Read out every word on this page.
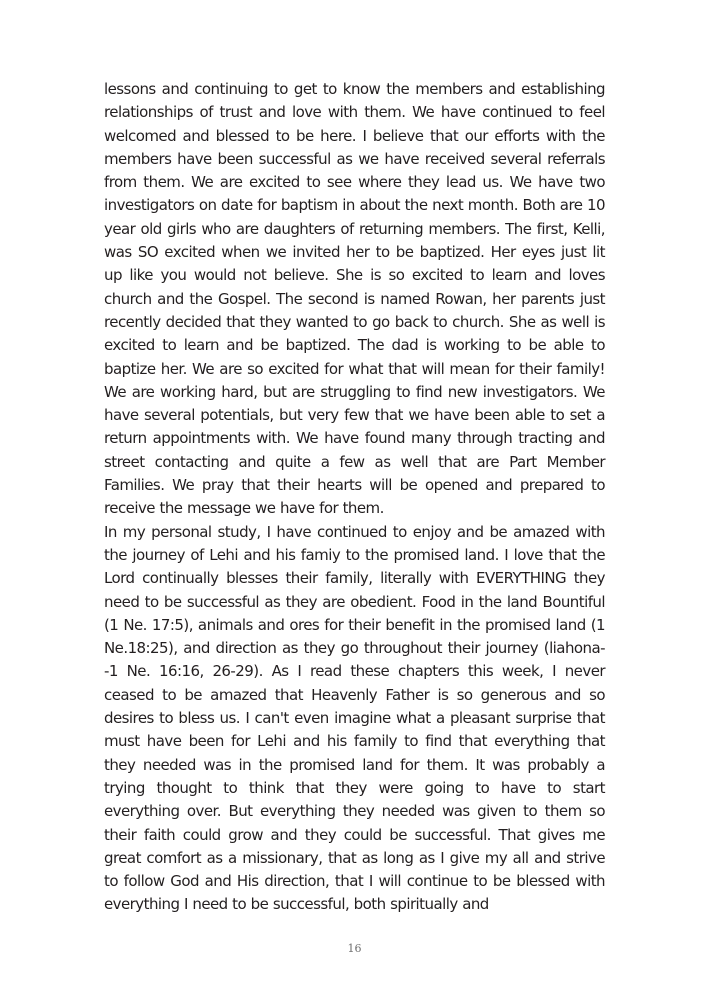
lessons and continuing to get to know the members and establishing relationships of trust and love with them. We have continued to feel welcomed and blessed to be here. I believe that our efforts with the members have been successful as we have received several referrals from them. We are excited to see where they lead us. We have two investigators on date for baptism in about the next month. Both are 10 year old girls who are daughters of returning members. The first, Kelli, was SO excited when we invited her to be baptized. Her eyes just lit up like you would not believe. She is so excited to learn and loves church and the Gospel. The second is named Rowan, her parents just recently decided that they wanted to go back to church. She as well is excited to learn and be baptized. The dad is working to be able to baptize her. We are so excited for what that will mean for their family! We are working hard, but are struggling to find new investigators. We have several potentials, but very few that we have been able to set a return appointments with. We have found many through tracting and street contacting and quite a few as well that are Part Member Families. We pray that their hearts will be opened and prepared to receive the message we have for them.

In my personal study, I have continued to enjoy and be amazed with the journey of Lehi and his famiy to the promised land. I love that the Lord continually blesses their family, literally with EVERYTHING they need to be successful as they are obedient. Food in the land Bountiful (1 Ne. 17:5), animals and ores for their benefit in the promised land (1 Ne.18:25), and direction as they go throughout their journey (liahona--1 Ne. 16:16, 26-29). As I read these chapters this week, I never ceased to be amazed that Heavenly Father is so generous and so desires to bless us. I can't even imagine what a pleasant surprise that must have been for Lehi and his family to find that everything that they needed was in the promised land for them. It was probably a trying thought to think that they were going to have to start everything over. But everything they needed was given to them so their faith could grow and they could be successful. That gives me great comfort as a missionary, that as long as I give my all and strive to follow God and His direction, that I will continue to be blessed with everything I need to be successful, both spiritually and

16
